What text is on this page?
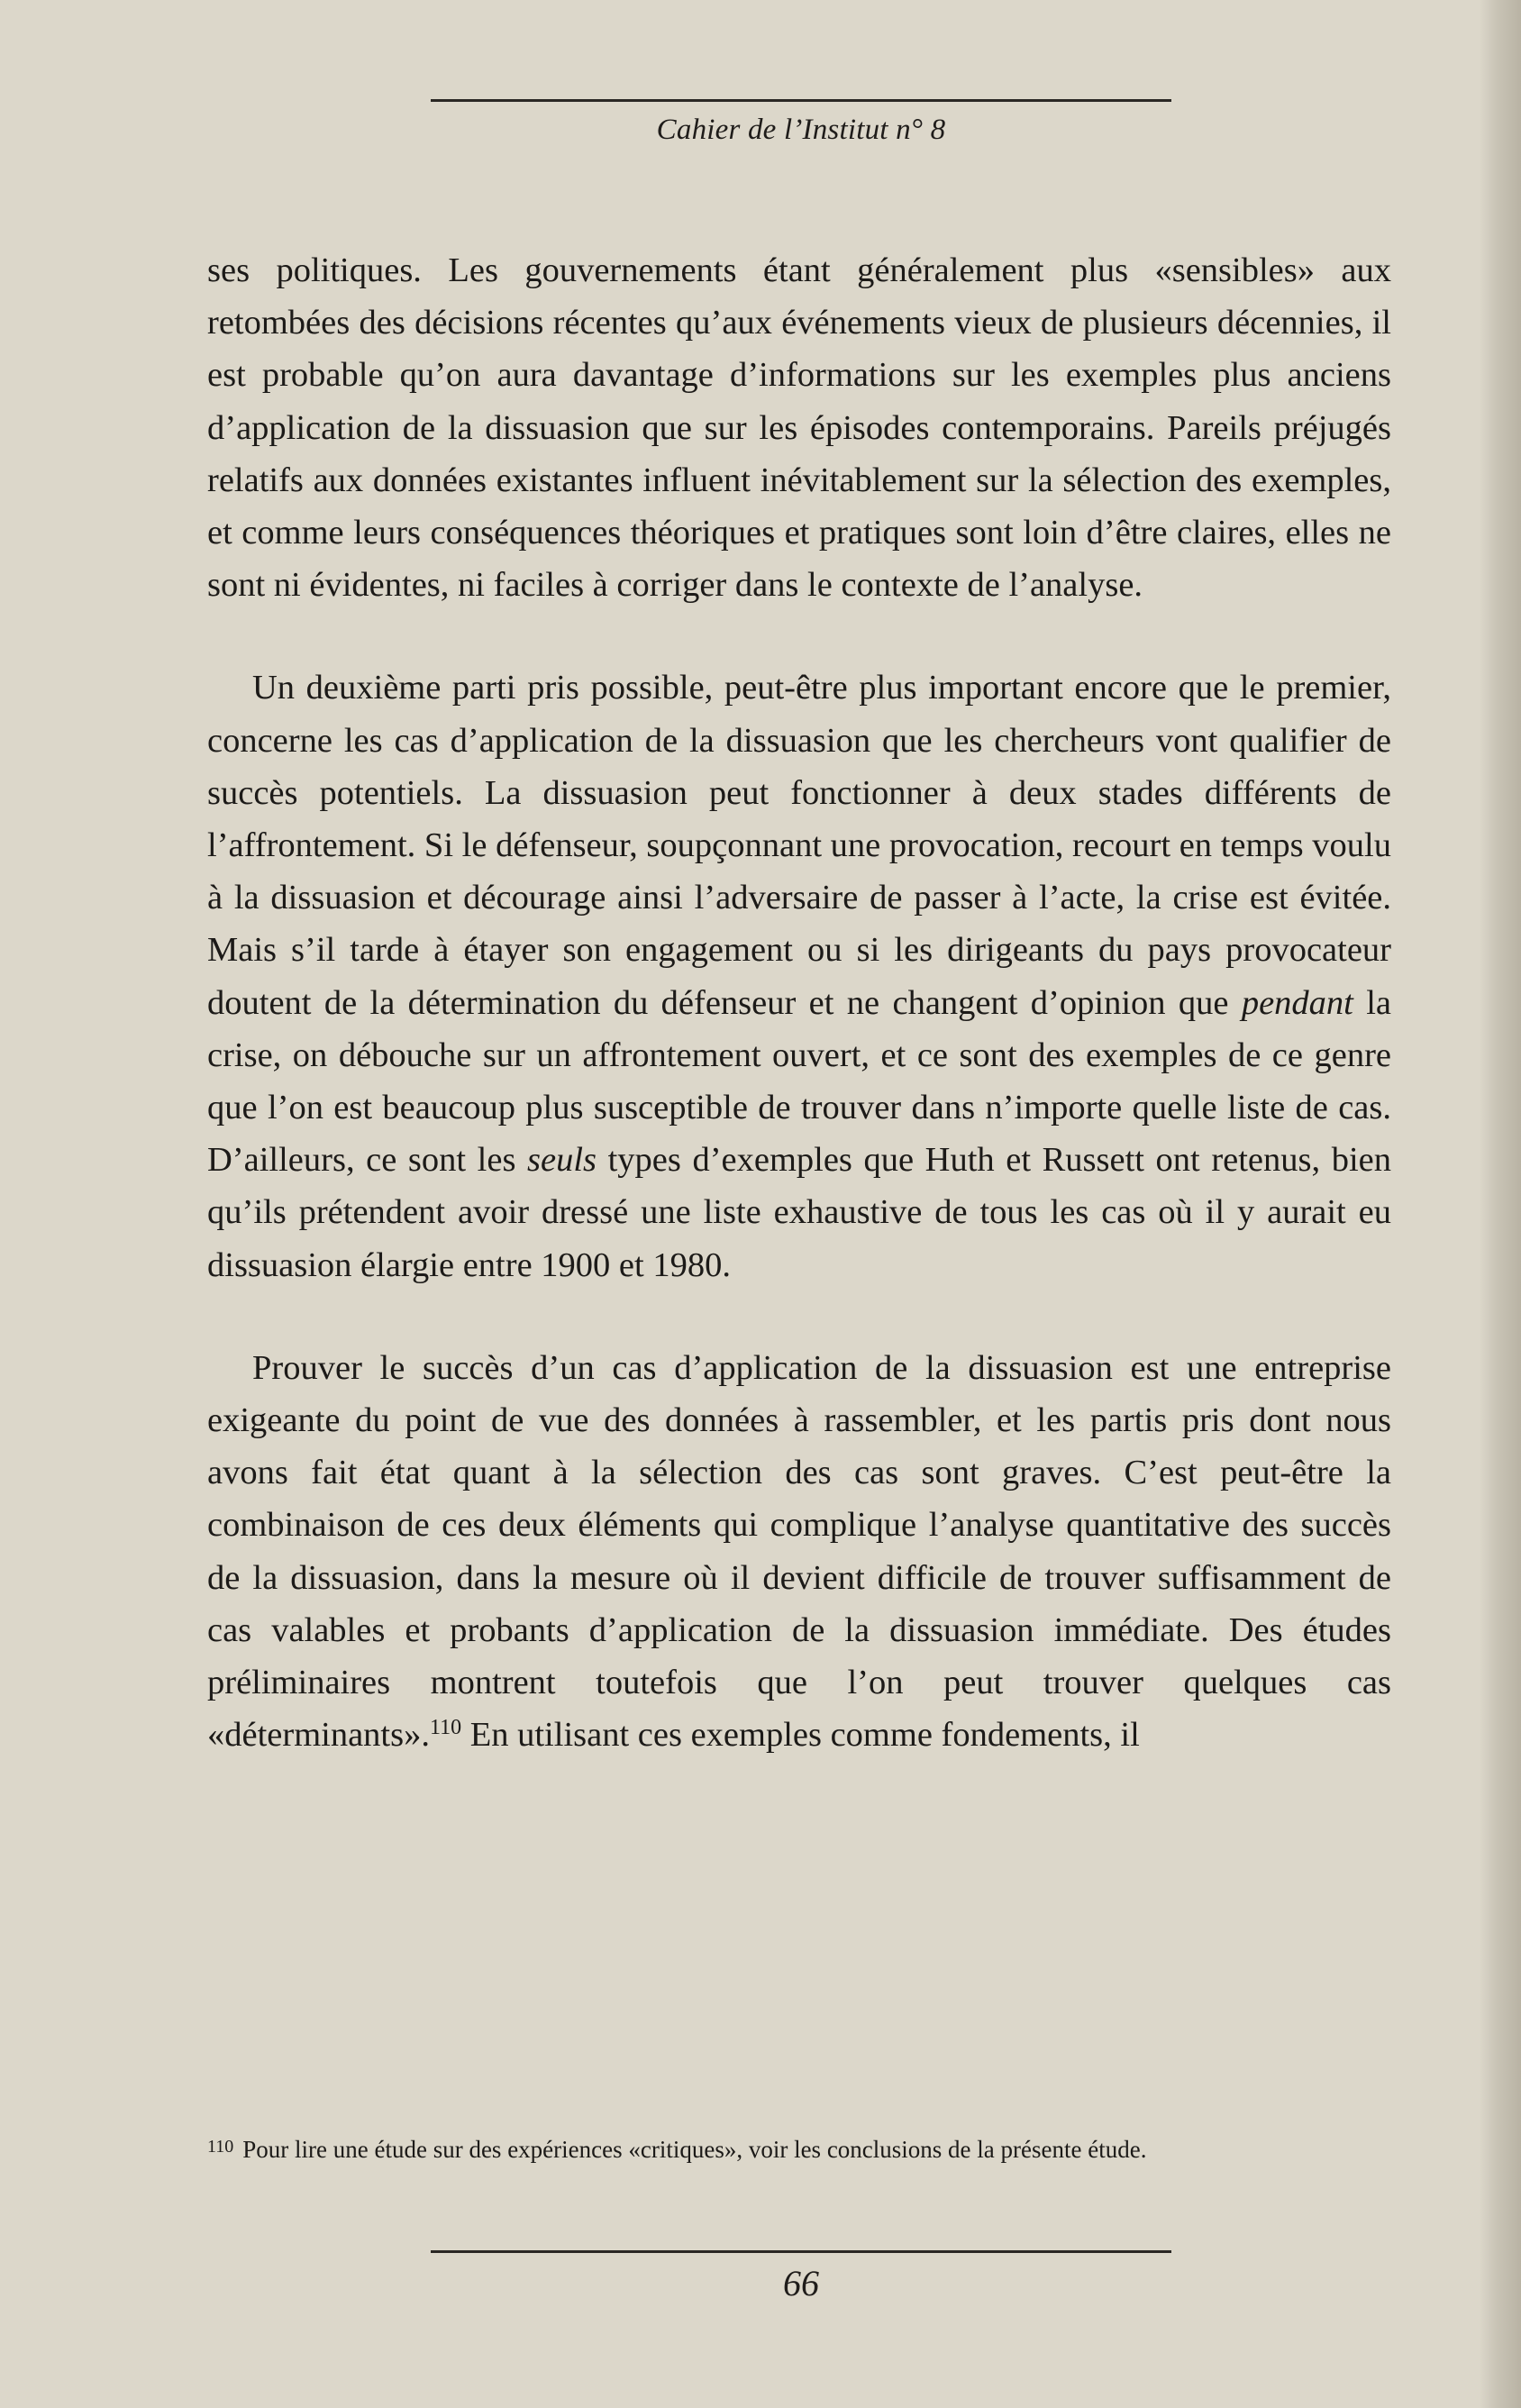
Cahier de l’Institut n° 8

ses politiques. Les gouvernements étant généralement plus «sensibles» aux retombées des décisions récentes qu’aux événements vieux de plusieurs décennies, il est probable qu’on aura davantage d’informations sur les exemples plus anciens d’application de la dissuasion que sur les épisodes contemporains. Pareils préjugés relatifs aux données existantes influent inévitablement sur la sélection des exemples, et comme leurs conséquences théoriques et pratiques sont loin d’être claires, elles ne sont ni évidentes, ni faciles à corriger dans le contexte de l’analyse.

Un deuxième parti pris possible, peut-être plus important encore que le premier, concerne les cas d’application de la dissuasion que les chercheurs vont qualifier de succès potentiels. La dissuasion peut fonctionner à deux stades différents de l’affrontement. Si le défenseur, soupçonnant une provocation, recourt en temps voulu à la dissuasion et décourage ainsi l’adversaire de passer à l’acte, la crise est évitée. Mais s’il tarde à étayer son engagement ou si les dirigeants du pays provocateur doutent de la détermination du défenseur et ne changent d’opinion que pendant la crise, on débouche sur un affrontement ouvert, et ce sont des exemples de ce genre que l’on est beaucoup plus susceptible de trouver dans n’importe quelle liste de cas. D’ailleurs, ce sont les seuls types d’exemples que Huth et Russett ont retenus, bien qu’ils prétendent avoir dressé une liste exhaustive de tous les cas où il y aurait eu dissuasion élargie entre 1900 et 1980.

Prouver le succès d’un cas d’application de la dissuasion est une entreprise exigeante du point de vue des données à rassembler, et les partis pris dont nous avons fait état quant à la sélection des cas sont graves. C’est peut-être la combinaison de ces deux éléments qui complique l’analyse quantitative des succès de la dissuasion, dans la mesure où il devient difficile de trouver suffisamment de cas valables et probants d’application de la dissuasion immédiate. Des études préliminaires montrent toutefois que l’on peut trouver quelques cas «déterminants».$^{110}$ En utilisant ces exemples comme fondements, il

$^{110}$ Pour lire une étude sur des expériences «critiques», voir les conclusions de la présente étude.
66
